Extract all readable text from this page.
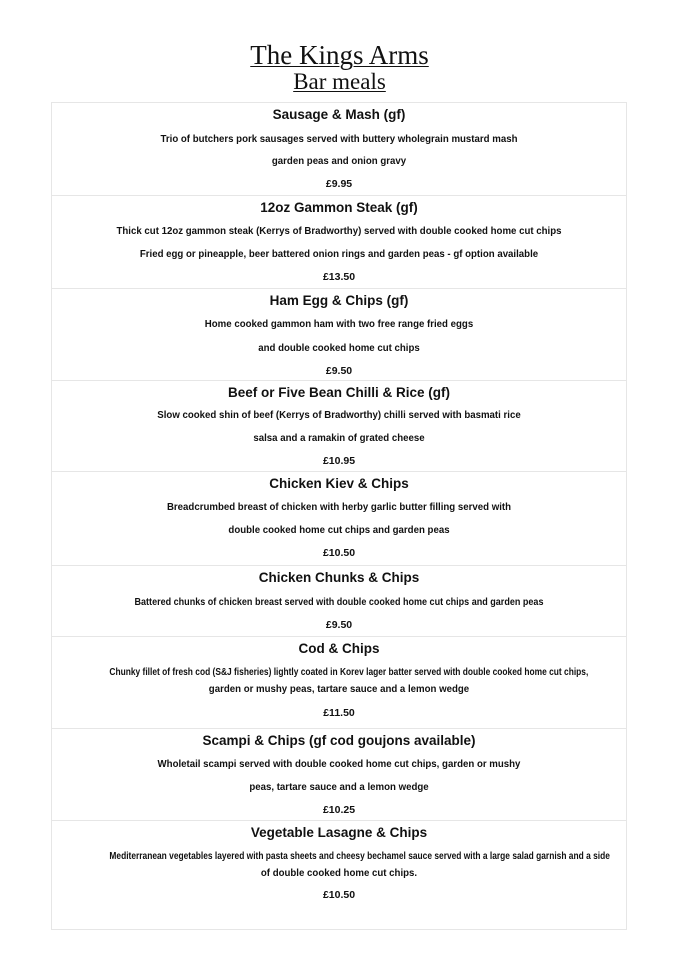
The Kings Arms
Bar meals
Sausage & Mash (gf)
Trio of butchers pork sausages served with buttery wholegrain mustard mash
garden peas and onion gravy
£9.95
12oz Gammon Steak (gf)
Thick cut 12oz gammon steak (Kerrys of Bradworthy) served with double cooked home cut chips
Fried egg or pineapple, beer battered onion rings and garden peas - gf option available
£13.50
Ham Egg & Chips (gf)
Home cooked gammon ham with two free range fried eggs
and double cooked home cut chips
£9.50
Beef or Five Bean Chilli & Rice (gf)
Slow cooked shin of beef (Kerrys of Bradworthy) chilli served with basmati rice
salsa and a ramakin of grated cheese
£10.95
Chicken Kiev & Chips
Breadcrumbed breast of chicken with herby garlic butter filling served with
double cooked home cut chips and garden peas
£10.50
Chicken Chunks & Chips
Battered chunks of chicken breast served with double cooked home cut chips and garden peas
£9.50
Cod & Chips
Chunky fillet of fresh cod (S&J fisheries) lightly coated in Korev lager batter served with double cooked home cut chips,
garden or mushy peas, tartare sauce and a lemon wedge
£11.50
Scampi & Chips (gf cod goujons available)
Wholetail scampi served with double cooked home cut chips, garden or mushy
peas, tartare sauce and a lemon wedge
£10.25
Vegetable Lasagne & Chips
Mediterranean vegetables layered with pasta sheets and cheesy bechamel sauce served with a large salad garnish and a side
of double cooked home cut chips.
£10.50
